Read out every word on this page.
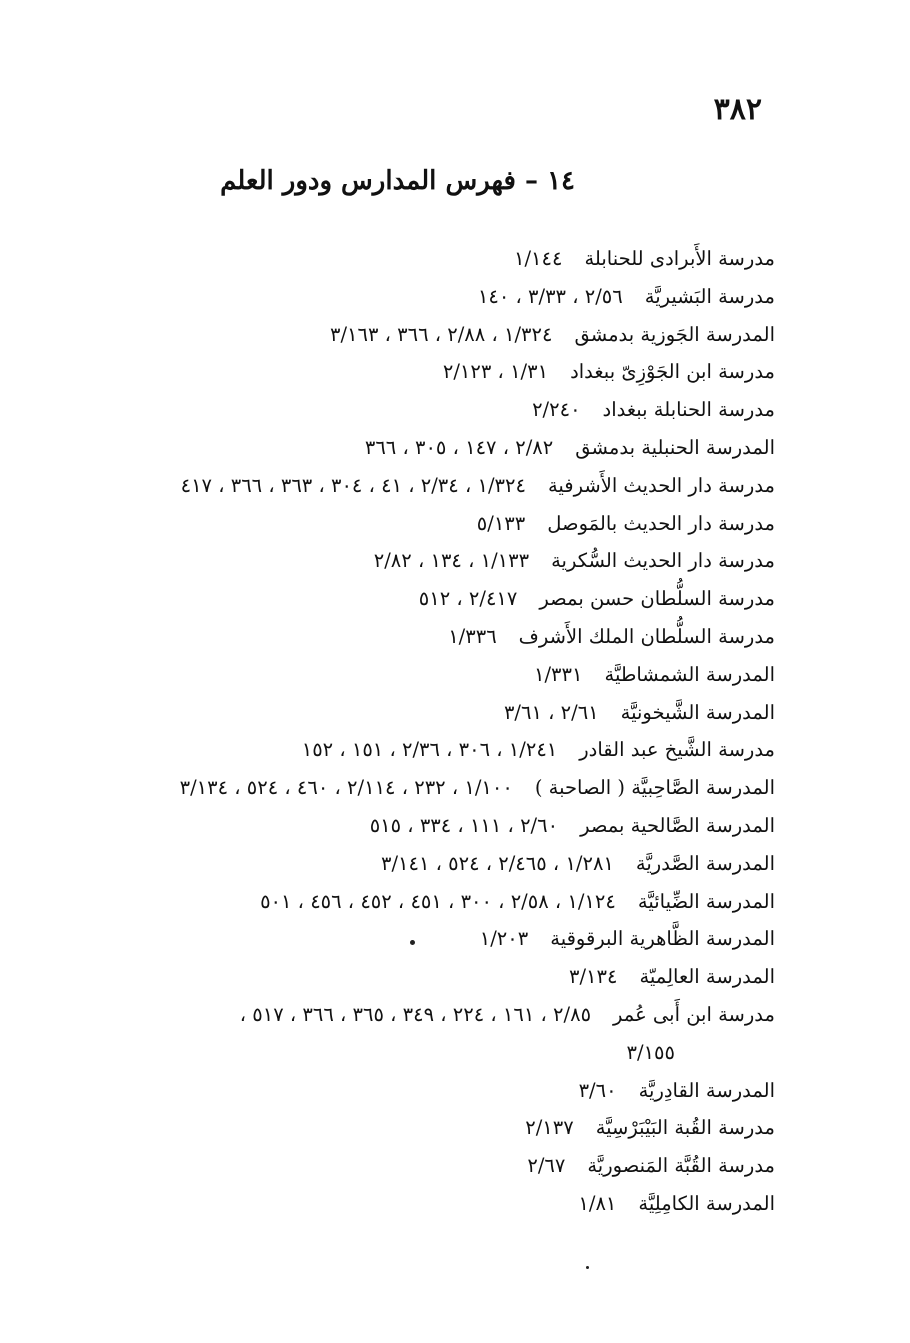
٣٨٢
١٤ – فهرس المدارس ودور العلم
مدرسة الأَبرادى للحنابلة١/١٤٤
مدرسة البَشيريَّة٢/٥٦ ، ٣/٣٣ ، ١٤٠
المدرسة الجَوزية بدمشق١/٣٢٤ ، ٢/٨٨ ، ٣٦٦ ، ٣/١٦٣
مدرسة ابن الجَوْزِىّ ببغداد١/٣١ ، ٢/١٢٣
مدرسة الحنابلة ببغداد٢/٢٤٠
المدرسة الحنبلية بدمشق٢/٨٢ ، ١٤٧ ، ٣٠٥ ، ٣٦٦
مدرسة دار الحديث الأَشرفية١/٣٢٤ ، ٢/٣٤ ، ٤١ ، ٣٠٤ ، ٣٦٣ ، ٣٦٦ ، ٤١٧
مدرسة دار الحديث بالمَوصل٥/١٣٣
مدرسة دار الحديث السُّكرية١/١٣٣ ، ١٣٤ ، ٢/٨٢
مدرسة السلُّطان حسن بمصر٢/٤١٧ ، ٥١٢
مدرسة السلُّطان الملك الأَشرف١/٣٣٦
المدرسة الشمشاطيَّة١/٣٣١
المدرسة الشَّيخونيَّة٢/٦١ ، ٣/٦١
مدرسة الشَّيخ عبد القادر١/٢٤١ ، ٣٠٦ ، ٢/٣٦ ، ١٥١ ، ١٥٢
المدرسة الصَّاحِبيَّة ( الصاحبة )١/١٠٠ ، ٢٣٢ ، ٢/١١٤ ، ٤٦٠ ، ٥٢٤ ، ٣/١٣٤
المدرسة الصَّالحية بمصر٢/٦٠ ، ١١١ ، ٣٣٤ ، ٥١٥
المدرسة الصَّدريَّة١/٢٨١ ، ٢/٤٦٥ ، ٥٢٤ ، ٣/١٤١
المدرسة الضِّيائيَّة١/١٢٤ ، ٢/٥٨ ، ٣٠٠ ، ٤٥١ ، ٤٥٢ ، ٤٥٦ ، ٥٠١
المدرسة الظَّاهرية البرقوقية١/٢٠٣
المدرسة العالِميّة٣/١٣٤
مدرسة ابن أَبى عُمر٢/٨٥ ، ١٦١ ، ٢٢٤ ، ٣٤٩ ، ٣٦٥ ، ٣٦٦ ، ٥١٧ ،
٣/١٥٥
المدرسة القادِريَّة٣/٦٠
مدرسة القُبة البَيْبَرْسِيَّة٢/١٣٧
مدرسة القُبَّة المَنصوريَّة٢/٦٧
المدرسة الكامِلِيَّة١/٨١
